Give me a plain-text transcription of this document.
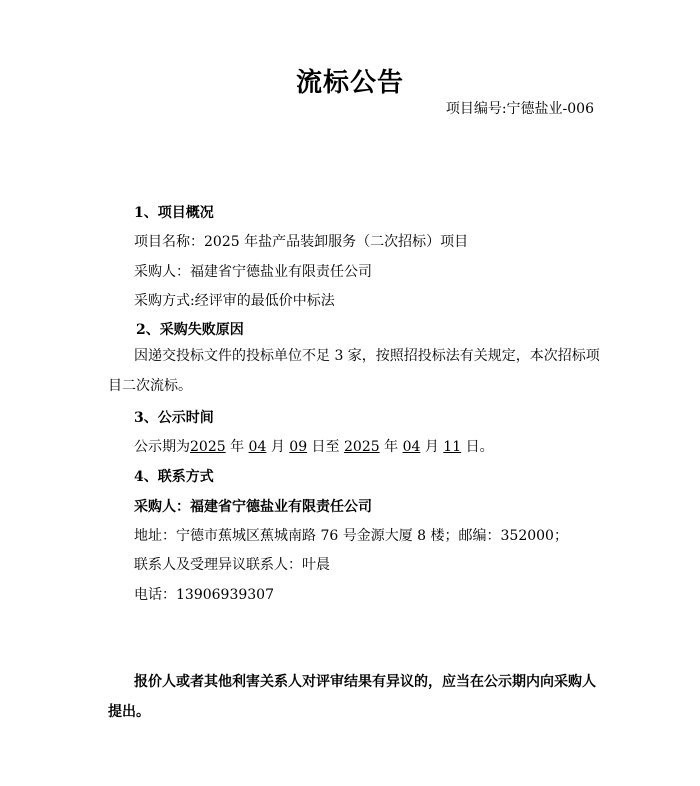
流标公告
项目编号:宁德盐业-006
1、项目概况
项目名称：2025 年盐产品装卸服务（二次招标）项目
采购人：福建省宁德盐业有限责任公司
采购方式:经评审的最低价中标法
2、采购失败原因
因递交投标文件的投标单位不足 3 家，按照招投标法有关规定，本次招标项目二次流标。
3、公示时间
公示期为2025 年 04 月 09 日至 2025 年 04 月 11 日。
4、联系方式
采购人：福建省宁德盐业有限责任公司
地址：宁德市蕉城区蕉城南路 76 号金源大厦 8 楼；邮编：352000；
联系人及受理异议联系人：叶晨
电话：13906939307
报价人或者其他利害关系人对评审结果有异议的，应当在公示期内向采购人提出。
